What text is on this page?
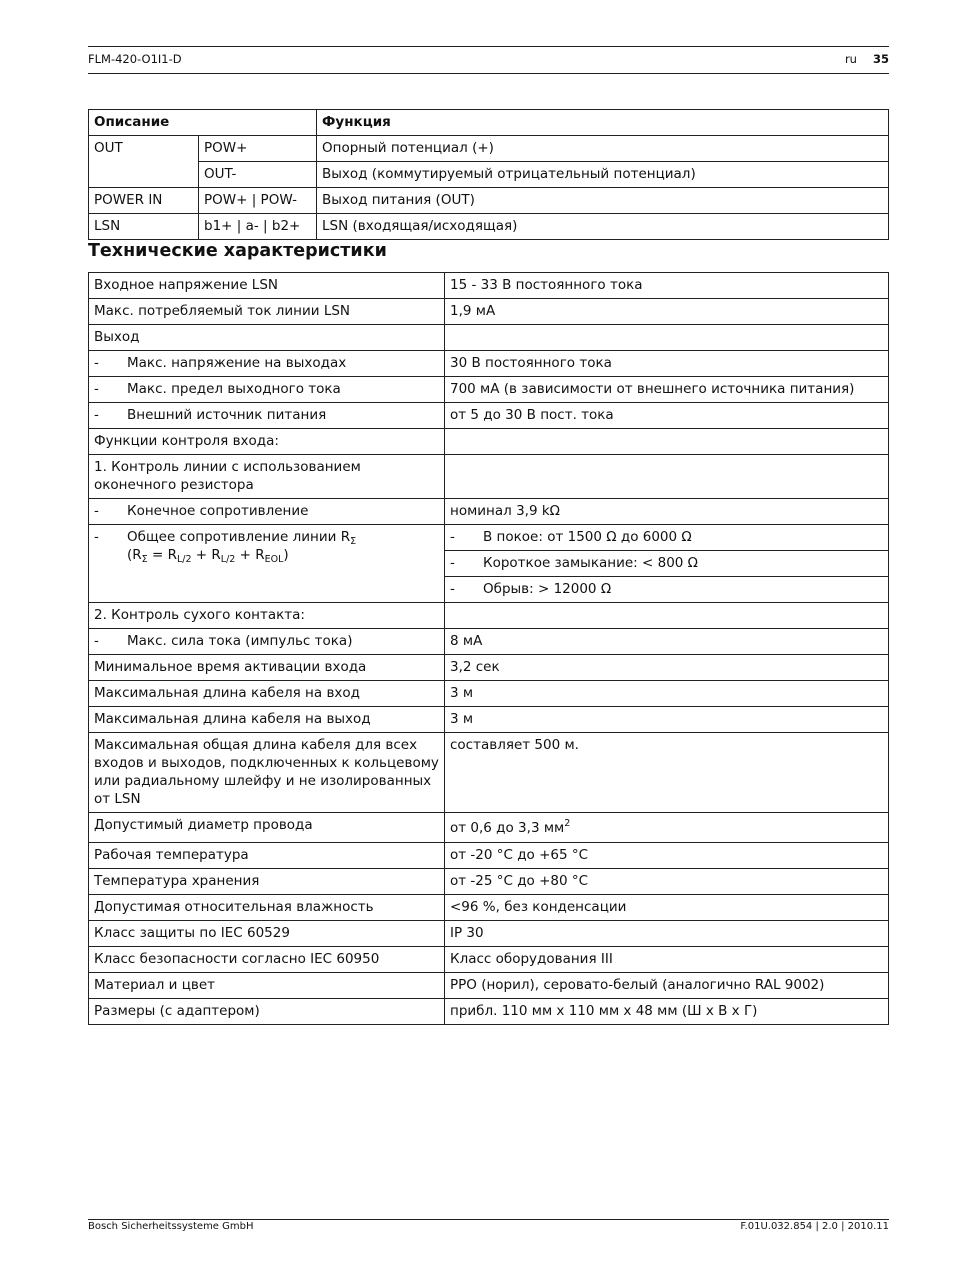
FLM-420-O1I1-D	ru 35
Описание		Функция
OUT	POW+	Опорный потенциал (+)
	OUT-	Выход (коммутируемый отрицательный потенциал)
POWER IN	POW+ | POW-	Выход питания (OUT)
LSN	b1+ | a- | b2+	LSN (входящая/исходящая)
Технические характеристики
Входное напряжение LSN	15 - 33 В постоянного тока
Макс. потребляемый ток линии LSN	1,9 мА
Выход	
- Макс. напряжение на выходах	30 В постоянного тока
- Макс. предел выходного тока	700 мА (в зависимости от внешнего источника питания)
- Внешний источник питания	от 5 до 30 В пост. тока
Функции контроля входа:	
1. Контроль линии с использованием оконечного резистора	
- Конечное сопротивление	номинал 3,9 kΩ
- Общее сопротивление линии $R_\Sigma$
$(R_\Sigma = R_{L/2} + R_{L/2} + R_{EOL})$	- В покое: от 1500 Ω до 6000 Ω
	- Короткое замыкание: < 800 Ω
	- Обрыв: > 12000 Ω
2. Контроль сухого контакта:	
- Макс. сила тока (импульс тока)	8 мА
Минимальное время активации входа	3,2 сек
Максимальная длина кабеля на вход	3 м
Максимальная длина кабеля на выход	3 м
Максимальная общая длина кабеля для всех входов и выходов, подключенных к кольцевому или радиальному шлейфу и не изолированных от LSN	составляет 500 м.
Допустимый диаметр провода	от 0,6 до 3,3 $мм^2$
Рабочая температура	от -20 °C до +65 °C
Температура хранения	от -25 °C до +80 °C
Допустимая относительная влажность	<96 %, без конденсации
Класс защиты по IEC 60529	IP 30
Класс безопасности согласно IEC 60950	Класс оборудования III
Материал и цвет	PPO (норил), серовато-белый (аналогично RAL 9002)
Размеры (с адаптером)	прибл. 110 мм x 110 мм x 48 мм (Ш x В x Г)
Bosch Sicherheitssysteme GmbH	F.01U.032.854 | 2.0 | 2010.11
